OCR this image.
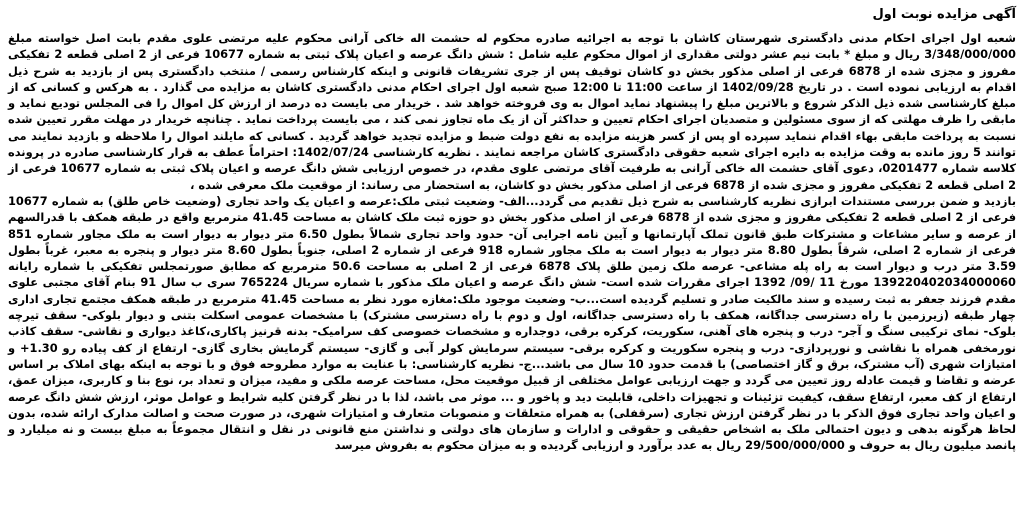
آگهی مزایده نوبت اول

شعبه اول اجرای احکام مدنی دادگستری شهرستان کاشان با توجه به اجرائیه صادره محکوم له حشمت اله خاکی آرانی محکوم علیه مرتضی علوی مقدم بابت اصل خواسته مبلغ 3/348/000/000 ریال و مبلغ * بابت نیم عشر دولتی مقداری از اموال محکوم علیه شامل : شش دانگ عرصه و اعیان پلاک ثبتی به شماره 10677 فرعی از 2 اصلی قطعه 2 تفکیکی مفروز و مجزی شده از 6878 فرعی از اصلی مذکور بخش دو کاشان توقیف پس از جری تشریفات قانونی و اینکه کارشناس رسمی / منتخب دادگستری پس از بازدید به شرح ذیل اقدام به ارزیابی نموده است . در تاریخ 1402/09/28 از ساعت 11:00 تا 12:00 صبح شعبه اول اجرای احکام مدنی دادگستری کاشان به مزایده می گذارد . به هرکس و کسانی که از مبلغ کارشناسی شده ذیل الذکر شروع و بالاترین مبلغ را پیشنهاد نماید اموال به وی فروخته خواهد شد . خریدار می بایست ده درصد از ارزش کل اموال را فی المجلس تودیع نماید و مابقی را ظرف مهلتی که از سوی مسئولین و متصدیان اجرای احکام تعیین و حداکثر آن از یک ماه تجاوز نمی کند ، می بایست پرداخت نماید . چنانچه خریدار در مهلت مقرر تعیین شده نسبت به پرداخت مابقی بهاء اقدام ننماید سپرده او پس از کسر هزینه مزایده به نفع دولت ضبط و مزایده تجدید خواهد گردید . کسانی که مایلند اموال را ملاحظه و بازدید نمایند می توانند 5 روز مانده به وقت مزایده به دایره اجرای شعبه حقوقی دادگستری کاشان مراجعه نمایند . نظریه کارشناسی 1402/07/24: احتراماً عطف به قرار کارشناسی صادره در پرونده کلاسه شماره 0201477، دعوی آقای حشمت اله خاکی آرانی به طرفیت آقای مرتضی علوی مقدم، در خصوص ارزیابی شش دانگ عرصه و اعیان پلاک ثبتی به شماره 10677 فرعی از 2 اصلی قطعه 2 تفکیکی مفروز و مجزی شده از 6878 فرعی از اصلی مذکور بخش دو کاشان، به استحضار می رساند: از موقعیت ملک معرفی شده ،

بازدید و ضمن بررسی مستندات ابرازی نظریه کارشناسی به شرح ذیل تقدیم می گردد...الف- وضعیت ثبتی ملک:عرصه و اعیان یک واحد تجاری (وضعیت خاص طلق) به شماره 10677 فرعی از 2 اصلی قطعه 2 تفکیکی مفروز و مجزی شده از 6878 فرعی از اصلی مذکور بخش دو حوزه ثبت ملک کاشان به مساحت 41.45 مترمربع واقع در طبقه همکف با قدرالسهم از عرصه و سایر مشاعات و مشترکات طبق قانون تملک آپارتمانها و آیین نامه اجرایی آن- حدود واحد تجاری شمالاً بطول 6.50 متر دیوار به دیوار است به ملک مجاور شماره 851 فرعی از شماره 2 اصلی، شرقاً بطول 8.80 متر دیوار به دیوار است به ملک مجاور شماره 918 فرعی از شماره 2 اصلی، جنوباً بطول 8.60 متر دیوار و پنجره به معبر، غرباً بطول 3.59 متر درب و دیوار است به راه پله مشاعی- عرصه ملک زمین طلق پلاک 6878 فرعی از 2 اصلی به مساحت 50.6 مترمربع که مطابق صورتمجلس تفکیکی با شماره رایانه 139220402034000060 مورخ 11 /09/ 1392 اجرای مقررات شده است- شش دانگ عرصه و اعیان ملک مذکور با شماره سریال 765224 سری ب سال 91 بنام آقای مجتبی علوی مقدم فرزند جعفر به ثبت رسیده و سند مالکیت صادر و تسلیم گردیده است...ب- وضعیت موجود ملک:مغازه مورد نظر به مساحت 41.45 مترمربع در طبقه همکف مجتمع تجاری اداری چهار طبقه (زیرزمین با راه دسترسی جداگانه، همکف با راه دسترسی جداگانه، اول و دوم با راه دسترسی مشترک) با مشخصات عمومی اسکلت بتنی و دیوار بلوکی- سقف تیرچه بلوک- نمای ترکیبی سنگ و آجر- درب و پنجره های آهنی، سکوریت، کرکره برقی، دوجداره و مشخصات خصوصی کف سرامیک- بدنه قرنیز پاکاری،کاغذ دیواری و نقاشی- سقف کاذب نورمخفی همراه با نقاشی و نورپردازی- درب و پنجره سکوریت و کرکره برقی- سیستم سرمایش کولر آبی و گازی- سیستم گرمایش بخاری گازی- ارتفاع از کف پیاده رو 1.30+ و امتیازات شهری (آب مشترک، برق و گاز اختصاصی) با قدمت حدود 10 سال می باشد...ج- نظریه کارشناسی: با عنایت به موارد مطروحه فوق و با توجه به اینکه بهای املاک بر اساس عرضه و تقاضا و قیمت عادله روز تعیین می گردد و جهت ارزیابی عوامل مختلفی از قبیل موقعیت محل، مساحت عرصه ملکی و مفید، میزان و تعداد بر، نوع بنا و کاربری، میزان عمق، ارتفاع از کف معبر، ارتفاع سقف، کیفیت تزئینات و تجهیزات داخلی، قابلیت دید و پاخور و ... موثر می باشد، لذا با در نظر گرفتن کلیه شرایط و عوامل موثر، ارزش شش دانگ عرصه و اعیان واحد تجاری فوق الذکر با در نظر گرفتن ارزش تجاری (سرقفلی) به همراه متعلقات و منصوبات متعارف و امتیازات شهری، در صورت صحت و اصالت مدارک ارائه شده، بدون لحاظ هرگونه بدهی و دیون احتمالی ملک به اشخاص حقیقی و حقوقی و ادارات و سازمان های دولتی و نداشتن منع قانونی در نقل و انتقال مجموعاً به مبلغ بیست و نه میلیارد و پانصد میلیون ریال به حروف و 29/500/000/000 ریال به عدد برآورد و ارزیابی گردیده و به میزان محکوم به بفروش میرسد
